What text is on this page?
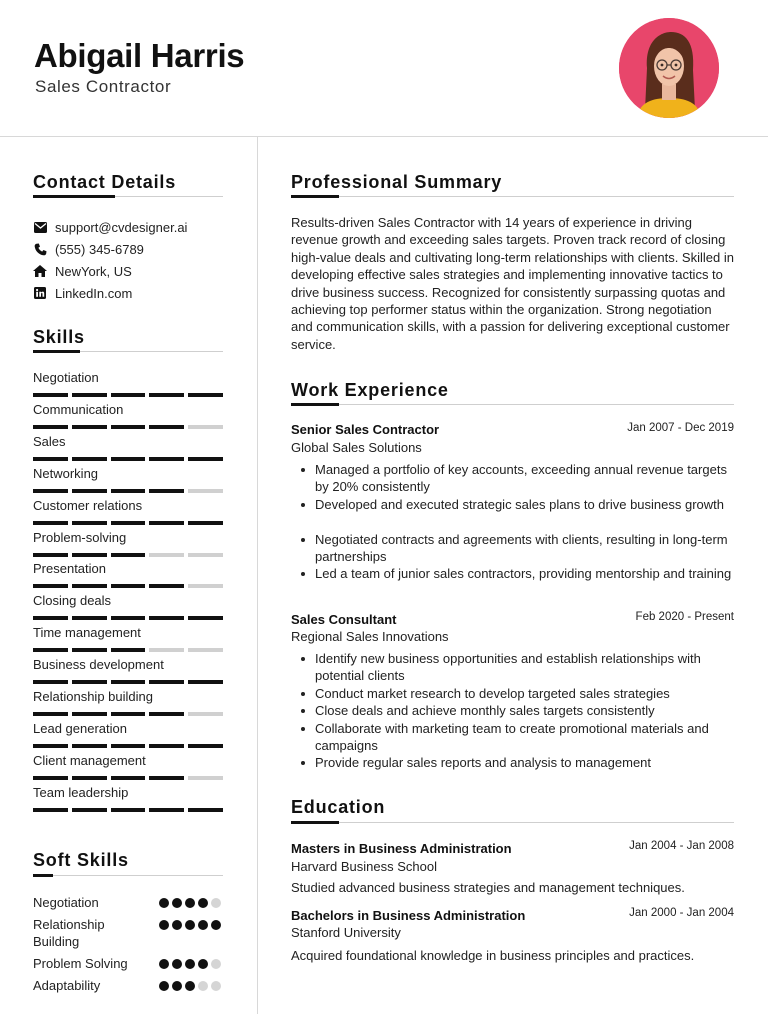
Abigail Harris
Sales Contractor
Contact Details
support@cvdesigner.ai
(555) 345-6789
NewYork, US
LinkedIn.com
Skills
Negotiation
Communication
Sales
Networking
Customer relations
Problem-solving
Presentation
Closing deals
Time management
Business development
Relationship building
Lead generation
Client management
Team leadership
Soft Skills
Negotiation
Relationship Building
Problem Solving
Adaptability
Professional Summary
Results-driven Sales Contractor with 14 years of experience in driving revenue growth and exceeding sales targets. Proven track record of closing high-value deals and cultivating long-term relationships with clients. Skilled in developing effective sales strategies and implementing innovative tactics to drive business success. Recognized for consistently surpassing quotas and achieving top performer status within the organization. Strong negotiation and communication skills, with a passion for delivering exceptional customer service.
Work Experience
Senior Sales Contractor	Jan 2007 - Dec 2019
Global Sales Solutions
Managed a portfolio of key accounts, exceeding annual revenue targets by 20% consistently
Developed and executed strategic sales plans to drive business growth
Negotiated contracts and agreements with clients, resulting in long-term partnerships
Led a team of junior sales contractors, providing mentorship and training
Sales Consultant	Feb 2020 - Present
Regional Sales Innovations
Identify new business opportunities and establish relationships with potential clients
Conduct market research to develop targeted sales strategies
Close deals and achieve monthly sales targets consistently
Collaborate with marketing team to create promotional materials and campaigns
Provide regular sales reports and analysis to management
Education
Masters in Business Administration	Jan 2004 - Jan 2008
Harvard Business School
Studied advanced business strategies and management techniques.
Bachelors in Business Administration	Jan 2000 - Jan 2004
Stanford University
Acquired foundational knowledge in business principles and practices.
